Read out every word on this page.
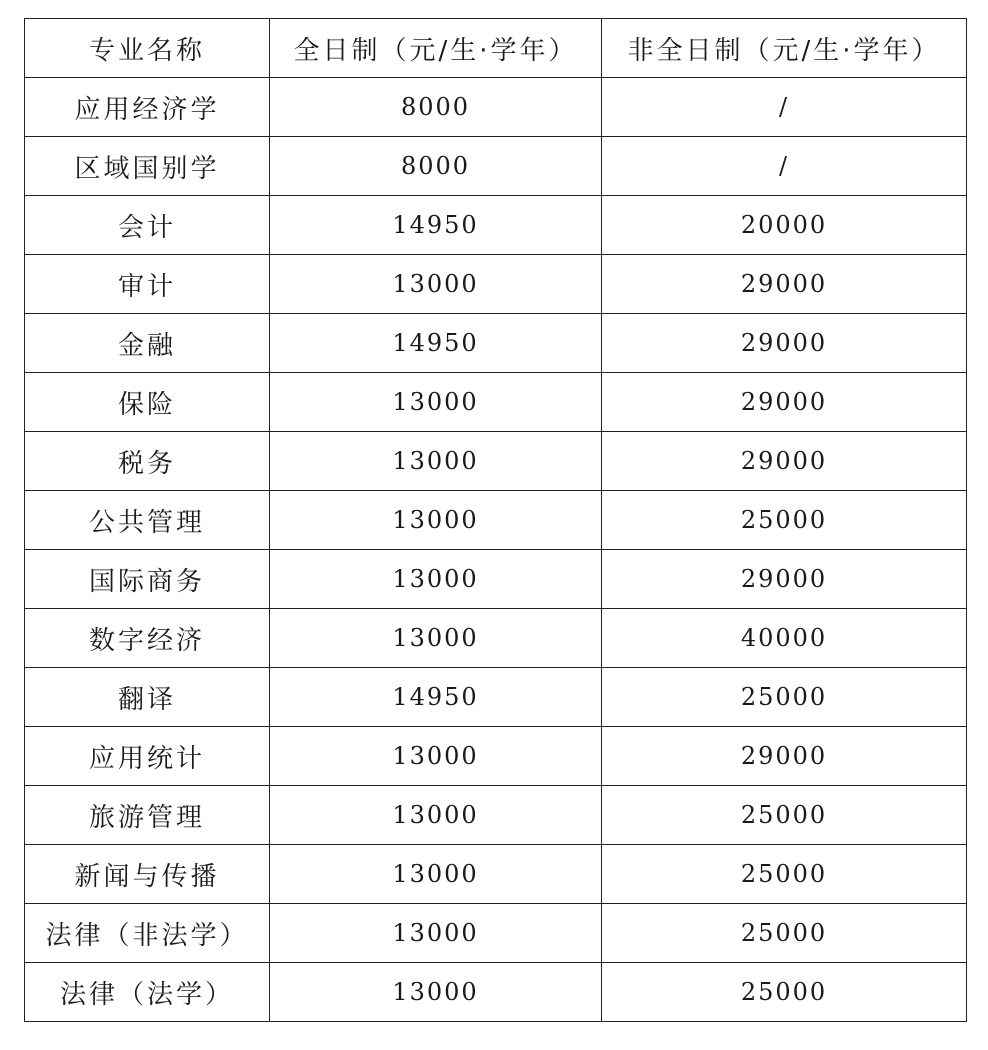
专业名称	全日制（元/生·学年）	非全日制（元/生·学年）
应用经济学	8000	/
区域国别学	8000	/
会计	14950	20000
审计	13000	29000
金融	14950	29000
保险	13000	29000
税务	13000	29000
公共管理	13000	25000
国际商务	13000	29000
数字经济	13000	40000
翻译	14950	25000
应用统计	13000	29000
旅游管理	13000	25000
新闻与传播	13000	25000
法律（非法学）	13000	25000
法律（法学）	13000	25000
